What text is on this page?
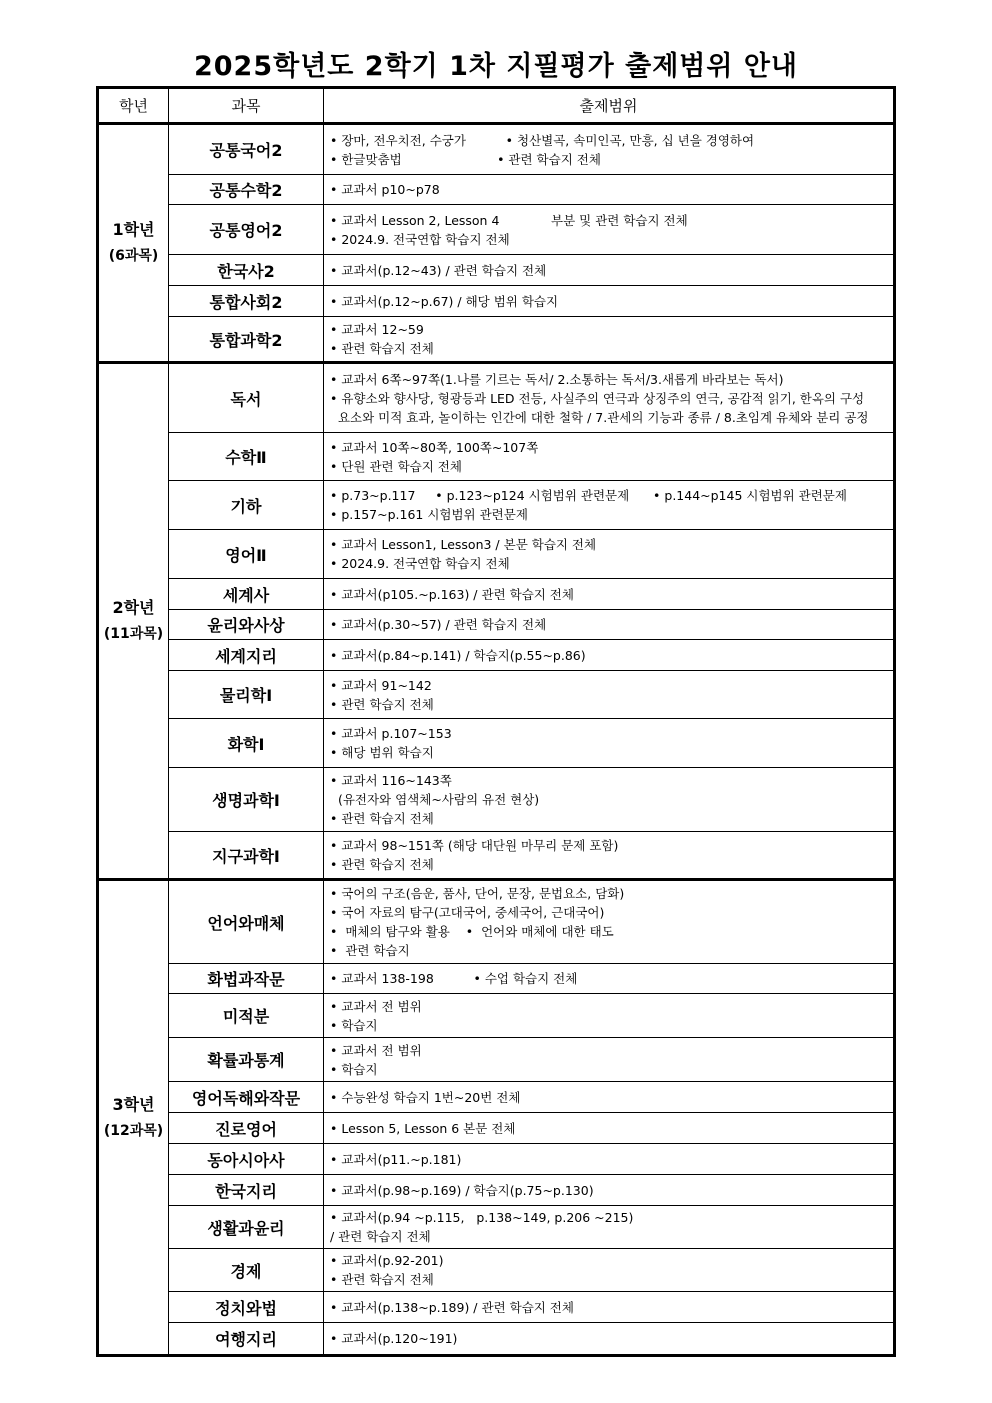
2025학년도 2학기 1차 지필평가 출제범위 안내
학년	과목	출제범위

1학년
(6과목)
	공통국어2	
• 장마, 전우치전, 수궁가          • 청산별곡, 속미인곡, 만흥, 십 년을 경영하여
• 한글맞춤법                        • 관련 학습지 전체

	공통수학2	• 교과서 p10~p78

	공통영어2	• 교과서 Lesson 2, Lesson 4             부분 및 관련 학습지 전체
• 2024.9. 전국연합 학습지 전체

	한국사2	• 교과서(p.12~43) / 관련 학습지 전체

	통합사회2	• 교과서(p.12~p.67) / 해당 범위 학습지

	통합과학2	• 교과서 12~59
• 관련 학습지 전체

2학년
(11과목)
	독서	
• 교과서 6쪽~97쪽(1.나를 기르는 독서/ 2.소통하는 독서/3.새롭게 바라보는 독서)
• 유향소와 향사당, 형광등과 LED 전등, 사실주의 연극과 상징주의 연극, 공감적 읽기, 한옥의 구성
요소와 미적 효과, 놀이하는 인간에 대한 철학 / 7.관세의 기능과 종류 / 8.초임계 유체와 분리 공정

	수학Ⅱ	• 교과서 10쪽~80쪽, 100쪽~107쪽
• 단원 관련 학습지 전체

	기하	• p.73~p.117     • p.123~p124 시험범위 관련문제      • p.144~p145 시험범위 관련문제
• p.157~p.161 시험범위 관련문제

	영어Ⅱ	• 교과서 Lesson1, Lesson3 / 본문 학습지 전체
• 2024.9. 전국연합 학습지 전체

	세계사	• 교과서(p105.~p.163) / 관련 학습지 전체

	윤리와사상	• 교과서(p.30~57) / 관련 학습지 전체

	세계지리	• 교과서(p.84~p.141) / 학습지(p.55~p.86)

	물리학Ⅰ	• 교과서 91~142
• 관련 학습지 전체

	화학Ⅰ	• 교과서 p.107~153
• 해당 범위 학습지

	생명과학Ⅰ	• 교과서 116~143쪽
(유전자와 염색체~사람의 유전 현상)
• 관련 학습지 전체

	지구과학Ⅰ	• 교과서 98~151쪽 (해당 대단원 마무리 문제 포함)
• 관련 학습지 전체

3학년
(12과목)
	언어와매체	
• 국어의 구조(음운, 품사, 단어, 문장, 문법요소, 담화)
• 국어 자료의 탐구(고대국어, 중세국어, 근대국어)
•  매체의 탐구와 활용    •  언어와 매체에 대한 태도
•  관련 학습지

	화법과작문	• 교과서 138-198          • 수업 학습지 전체

	미적분	• 교과서 전 범위
• 학습지

	확률과통계	• 교과서 전 범위
• 학습지

	영어독해와작문	• 수능완성 학습지 1번~20번 전체

	진로영어	• Lesson 5, Lesson 6 본문 전체

	동아시아사	• 교과서(p11.~p.181)

	한국지리	• 교과서(p.98~p.169) / 학습지(p.75~p.130)

	생활과윤리	• 교과서(p.94 ~p.115,   p.138~149, p.206 ~215)
/ 관련 학습지 전체

	경제	• 교과서(p.92-201)
• 관련 학습지 전체

	정치와법	• 교과서(p.138~p.189) / 관련 학습지 전체

	여행지리	• 교과서(p.120~191)
